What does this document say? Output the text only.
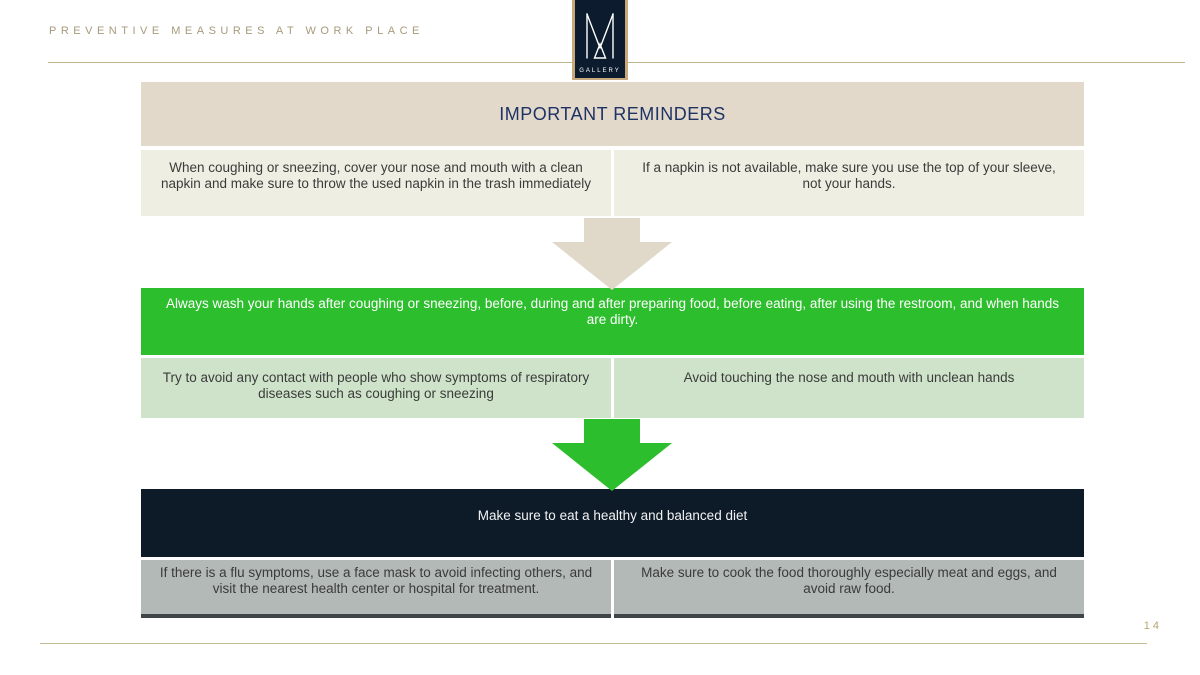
PREVENTIVE MEASURES AT WORK PLACE
GALLERY
IMPORTANT REMINDERS
When coughing or sneezing, cover your nose and mouth with a clean napkin and make sure to throw the used napkin in the trash immediately
If a napkin is not available, make sure you use the top of your sleeve, not your hands.
Always wash your hands after coughing or sneezing, before, during and after preparing food, before eating, after using the restroom, and when hands are dirty.
Try to avoid any contact with people who show symptoms of respiratory diseases such as coughing or sneezing
Avoid touching the nose and mouth with unclean hands
Make sure to eat a healthy and balanced diet
If there is a flu symptoms, use a face mask to avoid infecting others, and visit the nearest health center or hospital for treatment.
Make sure to cook the food thoroughly especially meat and eggs, and avoid raw food.
14
